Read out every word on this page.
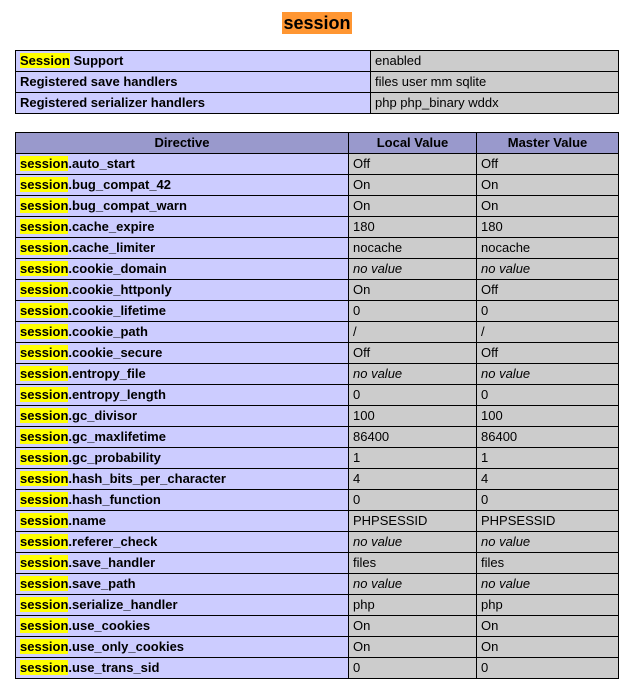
session
Session Support	enabled
Registered save handlers	files user mm sqlite
Registered serializer handlers	php php_binary wddx
Directive	Local Value	Master Value
session.auto_start	Off	Off
session.bug_compat_42	On	On
session.bug_compat_warn	On	On
session.cache_expire	180	180
session.cache_limiter	nocache	nocache
session.cookie_domain	no value	no value
session.cookie_httponly	On	Off
session.cookie_lifetime	0	0
session.cookie_path	/	/
session.cookie_secure	Off	Off
session.entropy_file	no value	no value
session.entropy_length	0	0
session.gc_divisor	100	100
session.gc_maxlifetime	86400	86400
session.gc_probability	1	1
session.hash_bits_per_character	4	4
session.hash_function	0	0
session.name	PHPSESSID	PHPSESSID
session.referer_check	no value	no value
session.save_handler	files	files
session.save_path	no value	no value
session.serialize_handler	php	php
session.use_cookies	On	On
session.use_only_cookies	On	On
session.use_trans_sid	0	0
